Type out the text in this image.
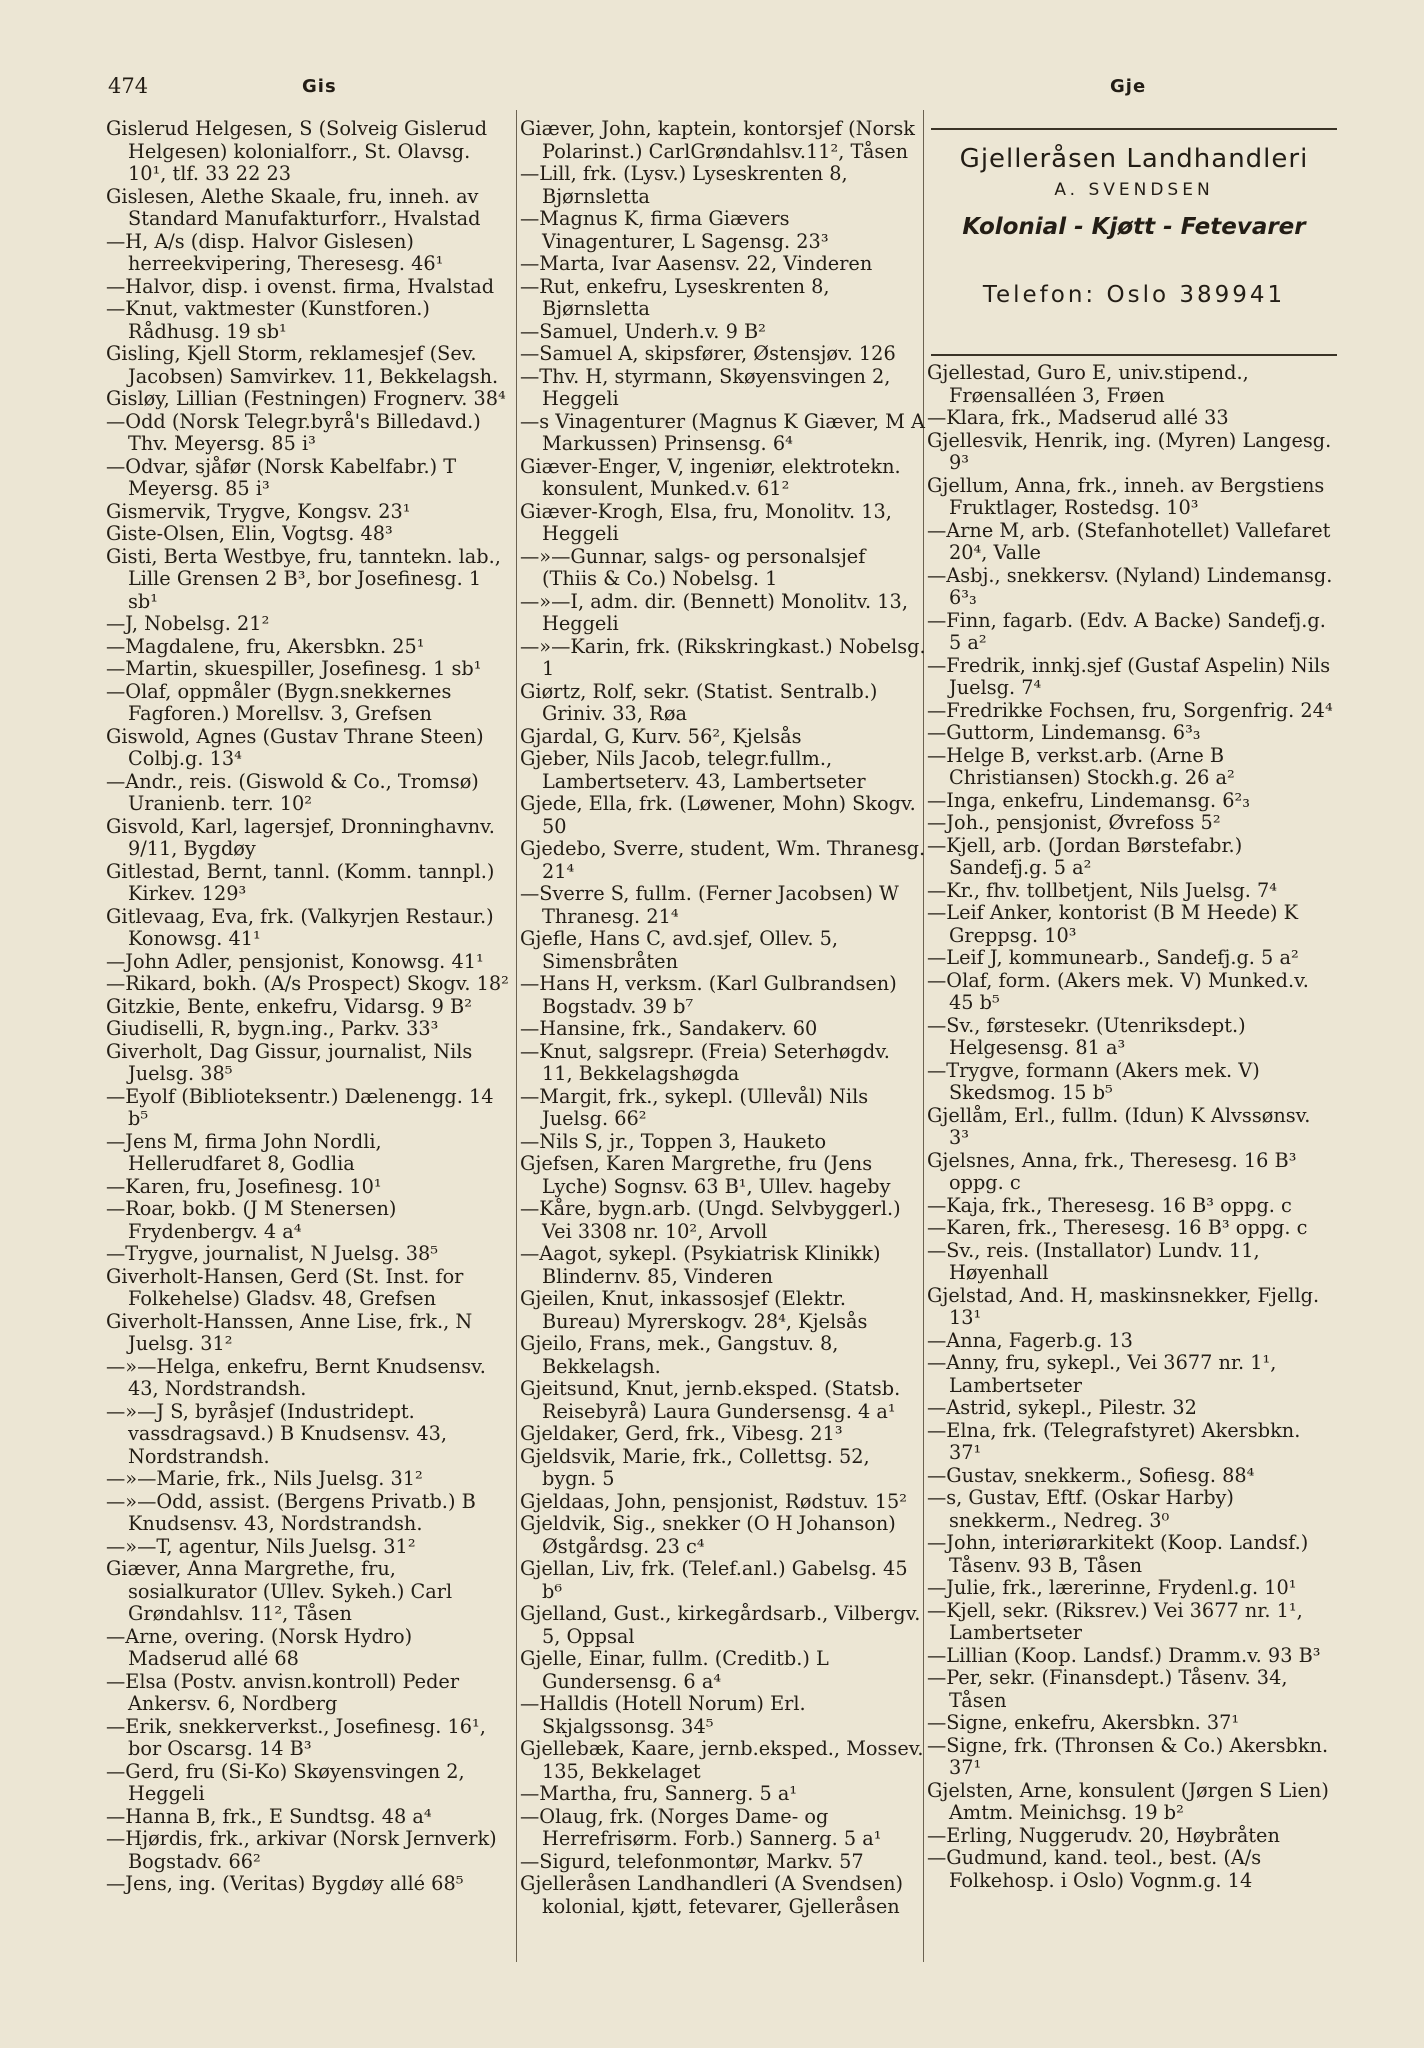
474	Gis	Gje

Gislerud Helgesen, S (Solveig Gislerud Helgesen) kolonialforr., St. Olavsg. 10¹, tlf. 33 22 23

Gislesen, Alethe Skaale, fru, inneh. av Standard Manufakturforr., Hvalstad

—H, A/s (disp. Halvor Gislesen) herreekvipering, Theresesg. 46¹

—Halvor, disp. i ovenst. firma, Hvalstad

—Knut, vaktmester (Kunstforen.) Rådhusg. 19 sb¹

Gisling, Kjell Storm, reklamesjef (Sev. Jacobsen) Samvirkev. 11, Bekkelagsh.

Gisløy, Lillian (Festningen) Frognerv. 38⁴

—Odd (Norsk Telegr.byrå's Billedavd.) Thv. Meyersg. 85 i³

—Odvar, sjåfør (Norsk Kabelfabr.) T Meyersg. 85 i³

Gismervik, Trygve, Kongsv. 23¹

Giste-Olsen, Elin, Vogtsg. 48³

Gisti, Berta Westbye, fru, tanntekn. lab., Lille Grensen 2 B³, bor Josefinesg. 1 sb¹

—J, Nobelsg. 21²

—Magdalene, fru, Akersbkn. 25¹

—Martin, skuespiller, Josefinesg. 1 sb¹

—Olaf, oppmåler (Bygn.snekkernes Fagforen.) Morellsv. 3, Grefsen

Giswold, Agnes (Gustav Thrane Steen) Colbj.g. 13⁴

—Andr., reis. (Giswold & Co., Tromsø) Uranienb. terr. 10²

Gisvold, Karl, lagersjef, Dronninghavnv. 9/11, Bygdøy

Gitlestad, Bernt, tannl. (Komm. tannpl.) Kirkev. 129³

Gitlevaag, Eva, frk. (Valkyrjen Restaur.) Konowsg. 41¹

—John Adler, pensjonist, Konowsg. 41¹

—Rikard, bokh. (A/s Prospect) Skogv. 18²

Gitzkie, Bente, enkefru, Vidarsg. 9 B²

Giudiselli, R, bygn.ing., Parkv. 33³

Giverholt, Dag Gissur, journalist, Nils Juelsg. 38⁵

—Eyolf (Biblioteksentr.) Dælenengg. 14 b⁵

—Jens M, firma John Nordli, Hellerudfaret 8, Godlia

—Karen, fru, Josefinesg. 10¹

—Roar, bokb. (J M Stenersen) Frydenbergv. 4 a⁴

—Trygve, journalist, N Juelsg. 38⁵

Giverholt-Hansen, Gerd (St. Inst. for Folkehelse) Gladsv. 48, Grefsen

Giverholt-Hanssen, Anne Lise, frk., N Juelsg. 31²

—»—Helga, enkefru, Bernt Knudsensv. 43, Nordstrandsh.

—»—J S, byråsjef (Industridept. vassdragsavd.) B Knudsensv. 43, Nordstrandsh.

—»—Marie, frk., Nils Juelsg. 31²

—»—Odd, assist. (Bergens Privatb.) B Knudsensv. 43, Nordstrandsh.

—»—T, agentur, Nils Juelsg. 31²

Giæver, Anna Margrethe, fru, sosialkurator (Ullev. Sykeh.) Carl Grøndahlsv. 11², Tåsen

—Arne, overing. (Norsk Hydro) Madserud allé 68

—Elsa (Postv. anvisn.kontroll) Peder Ankersv. 6, Nordberg

—Erik, snekkerverkst., Josefinesg. 16¹, bor Oscarsg. 14 B³

—Gerd, fru (Si-Ko) Skøyensvingen 2, Heggeli

—Hanna B, frk., E Sundtsg. 48 a⁴

—Hjørdis, frk., arkivar (Norsk Jernverk) Bogstadv. 66²

—Jens, ing. (Veritas) Bygdøy allé 68⁵

Giæver, John, kaptein, kontorsjef (Norsk Polarinst.) CarlGrøndahlsv.11², Tåsen

—Lill, frk. (Lysv.) Lyseskrenten 8, Bjørnsletta

—Magnus K, firma Giævers Vinagenturer, L Sagensg. 23³

—Marta, Ivar Aasensv. 22, Vinderen

—Rut, enkefru, Lyseskrenten 8, Bjørnsletta

—Samuel, Underh.v. 9 B²

—Samuel A, skipsfører, Østensjøv. 126

—Thv. H, styrmann, Skøyensvingen 2, Heggeli

—s Vinagenturer (Magnus K Giæver, M A Markussen) Prinsensg. 6⁴

Giæver-Enger, V, ingeniør, elektrotekn. konsulent, Munked.v. 61²

Giæver-Krogh, Elsa, fru, Monolitv. 13, Heggeli

—»—Gunnar, salgs- og personalsjef (Thiis & Co.) Nobelsg. 1

—»—I, adm. dir. (Bennett) Monolitv. 13, Heggeli

—»—Karin, frk. (Rikskringkast.) Nobelsg. 1

Giørtz, Rolf, sekr. (Statist. Sentralb.) Griniv. 33, Røa

Gjardal, G, Kurv. 56², Kjelsås

Gjeber, Nils Jacob, telegr.fullm., Lambertseterv. 43, Lambertseter

Gjede, Ella, frk. (Løwener, Mohn) Skogv. 50

Gjedebo, Sverre, student, Wm. Thranesg. 21⁴

—Sverre S, fullm. (Ferner Jacobsen) W Thranesg. 21⁴

Gjefle, Hans C, avd.sjef, Ollev. 5, Simensbråten

—Hans H, verksm. (Karl Gulbrandsen) Bogstadv. 39 b⁷

—Hansine, frk., Sandakerv. 60

—Knut, salgsrepr. (Freia) Seterhøgdv. 11, Bekkelagshøgda

—Margit, frk., sykepl. (Ullevål) Nils Juelsg. 66²

—Nils S, jr., Toppen 3, Hauketo

Gjefsen, Karen Margrethe, fru (Jens Lyche) Sognsv. 63 B¹, Ullev. hageby

—Kåre, bygn.arb. (Ungd. Selvbyggerl.) Vei 3308 nr. 10², Arvoll

—Aagot, sykepl. (Psykiatrisk Klinikk) Blindernv. 85, Vinderen

Gjeilen, Knut, inkassosjef (Elektr. Bureau) Myrerskogv. 28⁴, Kjelsås

Gjeilo, Frans, mek., Gangstuv. 8, Bekkelagsh.

Gjeitsund, Knut, jernb.eksped. (Statsb. Reisebyrå) Laura Gundersensg. 4 a¹

Gjeldaker, Gerd, frk., Vibesg. 21³

Gjeldsvik, Marie, frk., Collettsg. 52, bygn. 5

Gjeldaas, John, pensjonist, Rødstuv. 15²

Gjeldvik, Sig., snekker (O H Johanson) Østgårdsg. 23 c⁴

Gjellan, Liv, frk. (Telef.anl.) Gabelsg. 45 b⁶

Gjelland, Gust., kirkegårdsarb., Vilbergv. 5, Oppsal

Gjelle, Einar, fullm. (Creditb.) L Gundersensg. 6 a⁴

—Halldis (Hotell Norum) Erl. Skjalgssonsg. 34⁵

Gjellebæk, Kaare, jernb.eksped., Mossev. 135, Bekkelaget

—Martha, fru, Sannerg. 5 a¹

—Olaug, frk. (Norges Dame- og Herrefrisørm. Forb.) Sannerg. 5 a¹

—Sigurd, telefonmontør, Markv. 57

Gjelleråsen Landhandleri (A Svendsen) kolonial, kjøtt, fetevarer, Gjelleråsen

Gjelleråsen Landhandleri
A. SVENDSEN
Kolonial - Kjøtt - Fetevarer
Telefon: Oslo 389941

Gjellestad, Guro E, univ.stipend., Frøensalléen 3, Frøen

—Klara, frk., Madserud allé 33

Gjellesvik, Henrik, ing. (Myren) Langesg. 9³

Gjellum, Anna, frk., inneh. av Bergstiens Fruktlager, Rostedsg. 10³

—Arne M, arb. (Stefanhotellet) Vallefaret 20⁴, Valle

—Asbj., snekkersv. (Nyland) Lindemansg. 6³₃

—Finn, fagarb. (Edv. A Backe) Sandefj.g. 5 a²

—Fredrik, innkj.sjef (Gustaf Aspelin) Nils Juelsg. 7⁴

—Fredrikke Fochsen, fru, Sorgenfrig. 24⁴

—Guttorm, Lindemansg. 6³₃

—Helge B, verkst.arb. (Arne B Christiansen) Stockh.g. 26 a²

—Inga, enkefru, Lindemansg. 6²₃

—Joh., pensjonist, Øvrefoss 5²

—Kjell, arb. (Jordan Børstefabr.) Sandefj.g. 5 a²

—Kr., fhv. tollbetjent, Nils Juelsg. 7⁴

—Leif Anker, kontorist (B M Heede) K Greppsg. 10³

—Leif J, kommunearb., Sandefj.g. 5 a²

—Olaf, form. (Akers mek. V) Munked.v. 45 b⁵

—Sv., førstesekr. (Utenriksdept.) Helgesensg. 81 a³

—Trygve, formann (Akers mek. V) Skedsmog. 15 b⁵

Gjellåm, Erl., fullm. (Idun) K Alvssønsv. 3³

Gjelsnes, Anna, frk., Theresesg. 16 B³ oppg. c

—Kaja, frk., Theresesg. 16 B³ oppg. c

—Karen, frk., Theresesg. 16 B³ oppg. c

—Sv., reis. (Installator) Lundv. 11, Høyenhall

Gjelstad, And. H, maskinsnekker, Fjellg. 13¹

—Anna, Fagerb.g. 13

—Anny, fru, sykepl., Vei 3677 nr. 1¹, Lambertseter

—Astrid, sykepl., Pilestr. 32

—Elna, frk. (Telegrafstyret) Akersbkn. 37¹

—Gustav, snekkerm., Sofiesg. 88⁴

—s, Gustav, Eftf. (Oskar Harby) snekkerm., Nedreg. 3⁰

—John, interiørarkitekt (Koop. Landsf.) Tåsenv. 93 B, Tåsen

—Julie, frk., lærerinne, Frydenl.g. 10¹

—Kjell, sekr. (Riksrev.) Vei 3677 nr. 1¹, Lambertseter

—Lillian (Koop. Landsf.) Dramm.v. 93 B³

—Per, sekr. (Finansdept.) Tåsenv. 34, Tåsen

—Signe, enkefru, Akersbkn. 37¹

—Signe, frk. (Thronsen & Co.) Akersbkn. 37¹

Gjelsten, Arne, konsulent (Jørgen S Lien) Amtm. Meinichsg. 19 b²

—Erling, Nuggerudv. 20, Høybråten

—Gudmund, kand. teol., best. (A/s Folkehosp. i Oslo) Vognm.g. 14
